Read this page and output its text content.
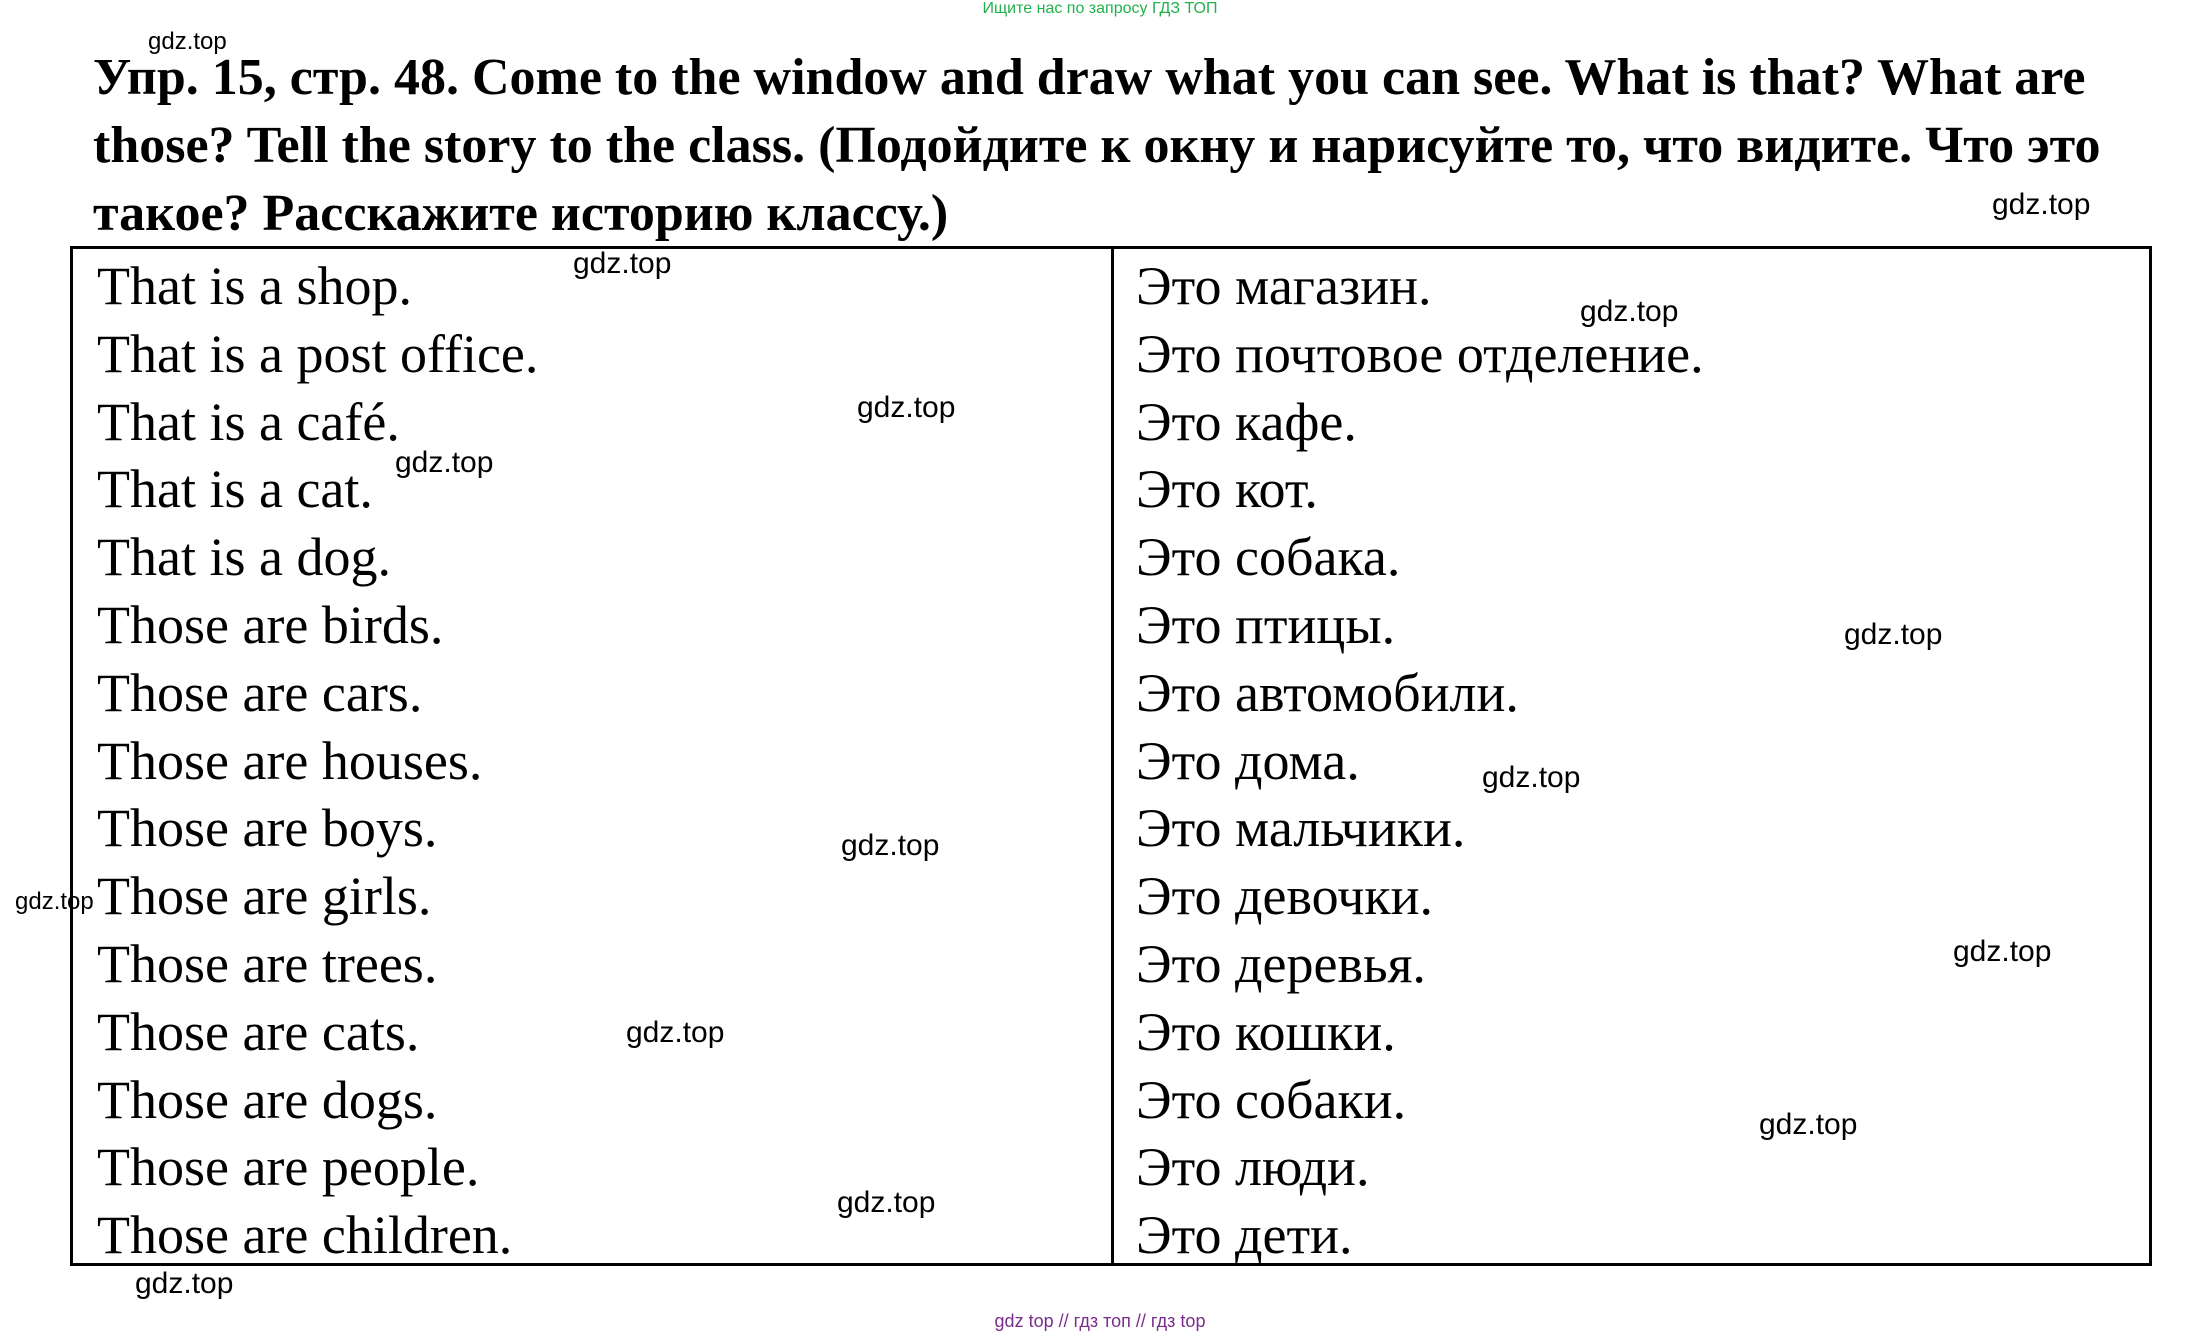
Ищите нас по запросу ГДЗ ТОП
Упр. 15, стр. 48. Come to the window and draw what you can see. What is that? What are those? Tell the story to the class. (Подойдите к окну и нарисуйте то, что видите. Что это такое? Расскажите историю классу.)
That is a shop.
That is a post office.
That is a café.
That is a cat.
That is a dog.
Those are birds.
Those are cars.
Those are houses.
Those are boys.
Those are girls.
Those are trees.
Those are cats.
Those are dogs.
Those are people.
Those are children.
Это магазин.
Это почтовое отделение.
Это кафе.
Это кот.
Это собака.
Это птицы.
Это автомобили.
Это дома.
Это мальчики.
Это девочки.
Это деревья.
Это кошки.
Это собаки.
Это люди.
Это дети.
gdz.top
gdz.top
gdz.top
gdz.top
gdz.top
gdz.top
gdz.top
gdz.top
gdz.top
gdz.top
gdz.top
gdz.top
gdz.top
gdz.top
gdz.top
gdz top // гдз топ // гдз top
